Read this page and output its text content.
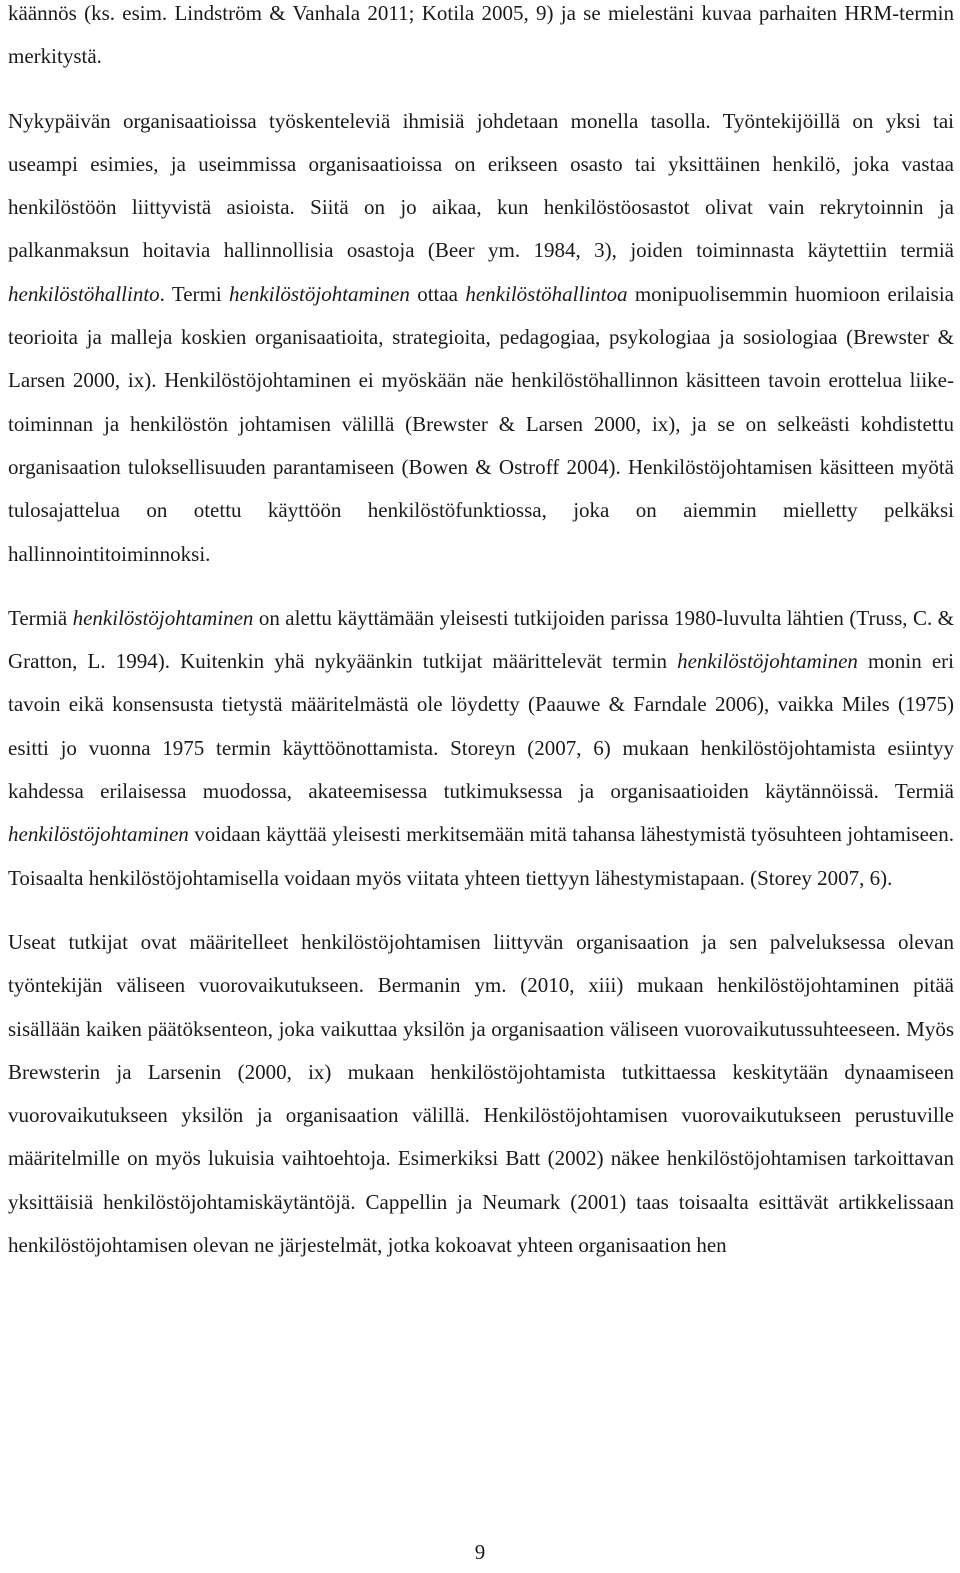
käännös (ks. esim. Lindström & Vanhala 2011; Kotila 2005, 9) ja se mielestäni kuvaa parhaiten HRM-termin merkitystä.

Nykypäivän organisaatioissa työskenteleviä ihmisiä johdetaan monella tasolla. Työntekijöillä on yksi tai useampi esimies, ja useimmissa organisaatioissa on erikseen osasto tai yksittäinen henkilö, joka vastaa henkilöstöön liittyvistä asioista. Siitä on jo aikaa, kun henkilöstöosastot olivat vain rekrytoinnin ja palkanmaksun hoitavia hallinnollisia osastoja (Beer ym. 1984, 3), joiden toiminnasta käytettiin termiä henkilöstöhallinto. Termi henkilöstöjohtaminen ottaa henkilöstöhallintoa monipuolisemmin huomioon erilaisia teorioita ja malleja koskien organisaatioita, strategioita, pedagogiaa, psykologiaa ja sosiologiaa (Brewster & Larsen 2000, ix). Henkilöstöjohtaminen ei myöskään näe henkilöstöhallinnon käsitteen tavoin erottelua liiketoiminnan ja henkilöstön johtamisen välillä (Brewster & Larsen 2000, ix), ja se on selkeästi kohdistettu organisaation tuloksellisuuden parantamiseen (Bowen & Ostroff 2004). Henkilöstöjohtamisen käsitteen myötä tulosajattelua on otettu käyttöön henkilöstöfunktiossa, joka on aiemmin mielletty pelkäksi hallinnointitoiminnoksi.

Termiä henkilöstöjohtaminen on alettu käyttämään yleisesti tutkijoiden parissa 1980-luvulta lähtien (Truss, C. & Gratton, L. 1994). Kuitenkin yhä nykyäänkin tutkijat määrittelevät termin henkilöstöjohtaminen monin eri tavoin eikä konsensusta tietystä määritelmästä ole löydetty (Paauwe & Farndale 2006), vaikka Miles (1975) esitti jo vuonna 1975 termin käyttöönottamista. Storeyn (2007, 6) mukaan henkilöstöjohtamista esiintyy kahdessa erilaisessa muodossa, akateemisessa tutkimuksessa ja organisaatioiden käytännöissä. Termiä henkilöstöjohtaminen voidaan käyttää yleisesti merkitsemään mitä tahansa lähestymistä työsuhteen johtamiseen. Toisaalta henkilöstöjohtamisella voidaan myös viitata yhteen tiettyyn lähestymistapaan. (Storey 2007, 6).

Useat tutkijat ovat määritelleet henkilöstöjohtamisen liittyvän organisaation ja sen palveluksessa olevan työntekijän väliseen vuorovaikutukseen. Bermanin ym. (2010, xiii) mukaan henkilöstöjohtaminen pitää sisällään kaiken päätöksenteon, joka vaikuttaa yksilön ja organisaation väliseen vuorovaikutussuhteeseen. Myös Brewsterin ja Larsenin (2000, ix) mukaan henkilöstöjohtamista tutkittaessa keskitytään dynaamiseen vuorovaikutukseen yksilön ja organisaation välillä. Henkilöstöjohtamisen vuorovaikutukseen perustuville määritelmille on myös lukuisia vaihtoehtoja. Esimerkiksi Batt (2002) näkee henkilöstöjohtamisen tarkoittavan yksittäisiä henkilöstöjohtamiskäytäntöjä. Cappellin ja Neumark (2001) taas toisaalta esittävät artikkelissaan henkilöstöjohtamisen olevan ne järjestelmät, jotka kokoavat yhteen organisaation hen

9
